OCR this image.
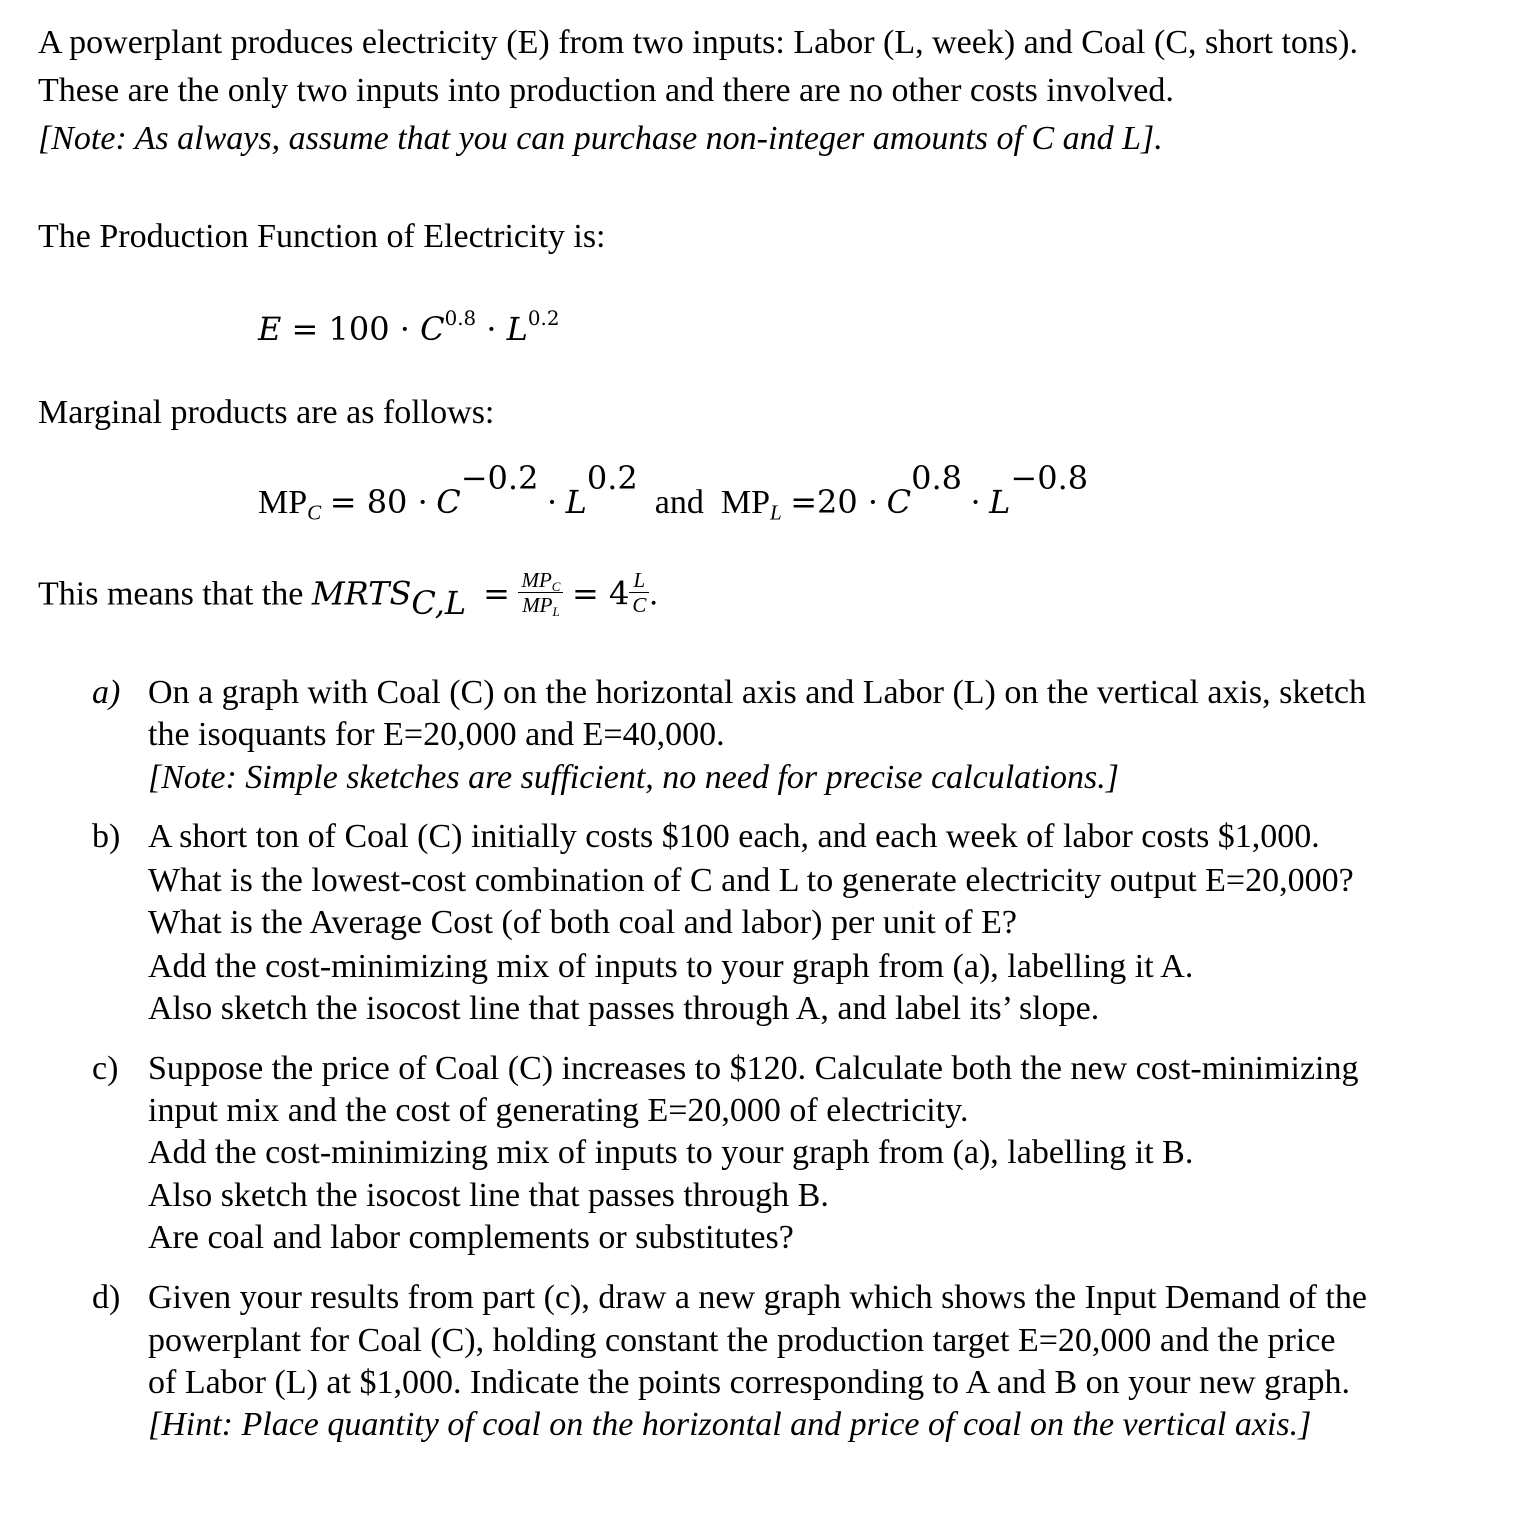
A powerplant produces electricity (E) from two inputs: Labor (L, week) and Coal (C, short tons).
These are the only two inputs into production and there are no other costs involved.
[Note: As always, assume that you can purchase non-integer amounts of C and L].
The Production Function of Electricity is:
$E = 100 \cdot C^{0.8} \cdot L^{0.2}$
Marginal products are as follows:
$MP_C = 80 \cdot C^{-0.2} \cdot L^{0.2}$  and $MP_L =20 \cdot C^{0.8} \cdot L^{-0.8}$
This means that the $MRTS_{C,L} = \frac{MP_C}{MP_L} = 4 \frac{L}{C}$ .
a) On a graph with Coal (C) on the horizontal axis and Labor (L) on the vertical axis, sketch
the isoquants for E=20,000 and E=40,000.
[Note: Simple sketches are sufficient, no need for precise calculations.]
b) A short ton of Coal (C) initially costs $100 each, and each week of labor costs $1,000.
What is the lowest-cost combination of C and L to generate electricity output E=20,000?
What is the Average Cost (of both coal and labor) per unit of E?
Add the cost-minimizing mix of inputs to your graph from (a), labelling it A.
Also sketch the isocost line that passes through A, and label its’ slope.
c) Suppose the price of Coal (C) increases to $120. Calculate both the new cost-minimizing
input mix and the cost of generating E=20,000 of electricity.
Add the cost-minimizing mix of inputs to your graph from (a), labelling it B.
Also sketch the isocost line that passes through B.
Are coal and labor complements or substitutes?
d) Given your results from part (c), draw a new graph which shows the Input Demand of the
powerplant for Coal (C), holding constant the production target E=20,000 and the price
of Labor (L) at $1,000. Indicate the points corresponding to A and B on your new graph.
[Hint: Place quantity of coal on the horizontal and price of coal on the vertical axis.]
